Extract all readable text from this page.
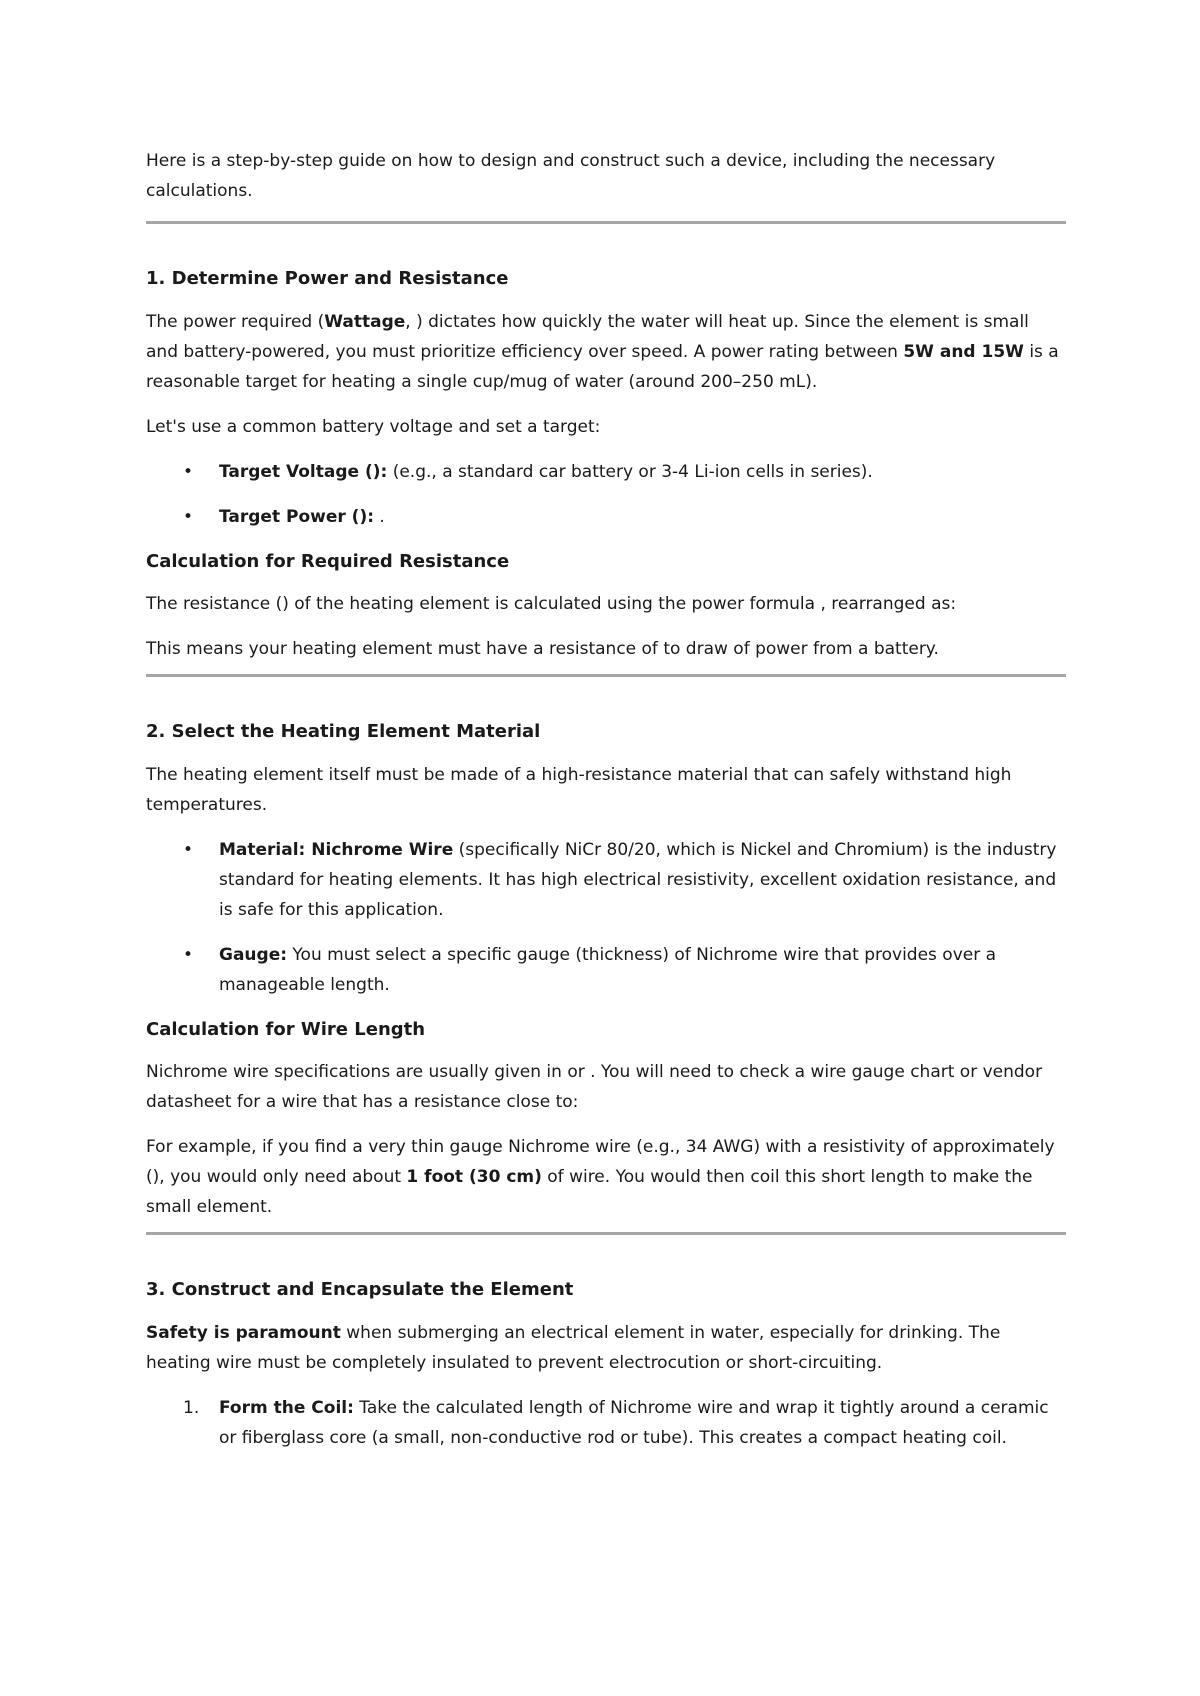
Here is a step-by-step guide on how to design and construct such a device, including the necessary calculations.

1. Determine Power and Resistance

The power required (Wattage, ) dictates how quickly the water will heat up. Since the element is small and battery-powered, you must prioritize efficiency over speed. A power rating between 5W and 15W is a reasonable target for heating a single cup/mug of water (around 200–250 mL).

Let's use a common battery voltage and set a target:

• Target Voltage (): (e.g., a standard car battery or 3-4 Li-ion cells in series).
• Target Power (): .
Calculation for Required Resistance

The resistance () of the heating element is calculated using the power formula , rearranged as:

This means your heating element must have a resistance of to draw of power from a battery.

2. Select the Heating Element Material

The heating element itself must be made of a high-resistance material that can safely withstand high temperatures.

• Material: Nichrome Wire (specifically NiCr 80/20, which is Nickel and Chromium) is the industry standard for heating elements. It has high electrical resistivity, excellent oxidation resistance, and is safe for this application.
• Gauge: You must select a specific gauge (thickness) of Nichrome wire that provides over a manageable length.
Calculation for Wire Length

Nichrome wire specifications are usually given in or . You will need to check a wire gauge chart or vendor datasheet for a wire that has a resistance close to:

For example, if you find a very thin gauge Nichrome wire (e.g., 34 AWG) with a resistivity of approximately (), you would only need about 1 foot (30 cm) of wire. You would then coil this short length to make the small element.

3. Construct and Encapsulate the Element

Safety is paramount when submerging an electrical element in water, especially for drinking. The heating wire must be completely insulated to prevent electrocution or short-circuiting.

1. Form the Coil: Take the calculated length of Nichrome wire and wrap it tightly around a ceramic or fiberglass core (a small, non-conductive rod or tube). This creates a compact heating coil.
